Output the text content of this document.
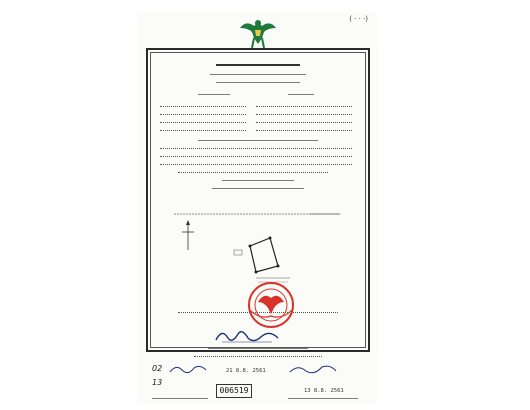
( · · ·)
02
13
21 8.8. 2561
13 8.8. 2561
006519
